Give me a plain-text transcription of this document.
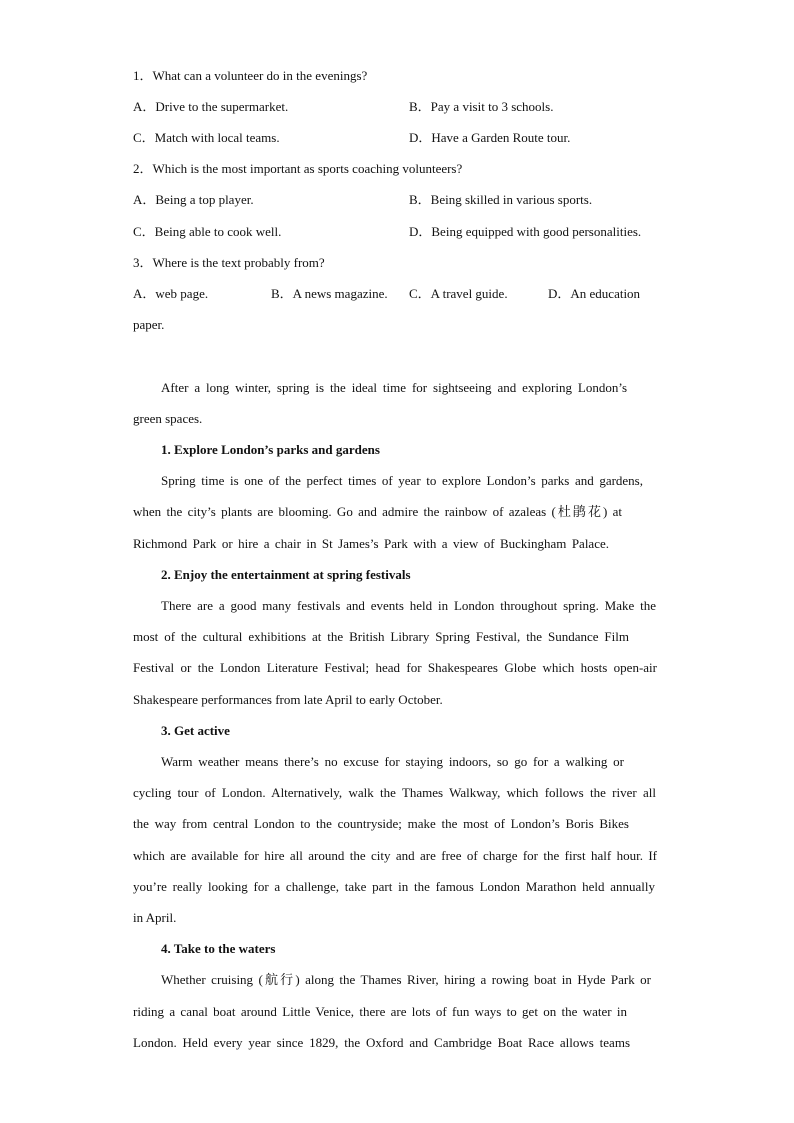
1．What can a volunteer do in the evenings?
A．Drive to the supermarket.	B．Pay a visit to 3 schools.
C．Match with local teams.	D．Have a Garden Route tour.
2．Which is the most important as sports coaching volunteers?
A．Being a top player.	B．Being skilled in various sports.
C．Being able to cook well.	D．Being equipped with good personalities.
3．Where is the text probably from?
A．web page.	B．A news magazine. C．A travel guide.	D．An education
paper.
After a long winter, spring is the ideal time for sightseeing and exploring London’s
green spaces.
1. Explore London’s parks and gardens
Spring time is one of the perfect times of year to explore London’s parks and gardens,
when the city’s plants are blooming. Go and admire the rainbow of azaleas (杜鹃花) at
Richmond Park or hire a chair in St James’s Park with a view of Buckingham Palace.
2. Enjoy the entertainment at spring festivals
There are a good many festivals and events held in London throughout spring. Make the
most of the cultural exhibitions at the British Library Spring Festival, the Sundance Film
Festival or the London Literature Festival; head for Shakespeares Globe which hosts open-air
Shakespeare performances from late April to early October.
3. Get active
Warm weather means there’s no excuse for staying indoors, so go for a walking or
cycling tour of London. Alternatively, walk the Thames Walkway, which follows the river all
the way from central London to the countryside; make the most of London’s Boris Bikes
which are available for hire all around the city and are free of charge for the first half hour. If
you’re really looking for a challenge, take part in the famous London Marathon held annually
in April.
4. Take to the waters
Whether cruising (航行) along the Thames River, hiring a rowing boat in Hyde Park or
riding a canal boat around Little Venice, there are lots of fun ways to get on the water in
London. Held every year since 1829, the Oxford and Cambridge Boat Race allows teams
